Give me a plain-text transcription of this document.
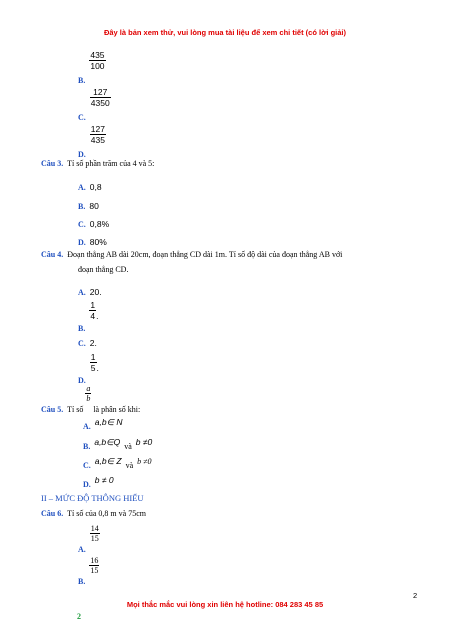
Đây là bản xem thử, vui lòng mua tài liệu để xem chi tiết (có lời giải)
$_{B.}$
$\frac{435}{100}$
$_{C.}$
$\frac{127}{4350}$
$_{D.}$
$\frac{127}{435}$
Câu 3. Tỉ số phần trăm của 4 và 5:
A. 0,8
B. 80
C. 0,8%
D. 80%
Câu 4. Đoạn thẳng AB dài 20cm, đoạn thẳng CD dài 1m. Tỉ số độ dài của đoạn thẳng AB với
đoạn thẳng CD.
A. 20.
$_{B.}$
$\frac{1}{4}$ .
C. 2.
$_{D.}$
$\frac{1}{5}$ .
Câu 5. Tỉ số
$\frac{a}{b}$
là phân số khi:
$_{A.}$ a,b∈ N
$_{B.}$ a,b∈Q $_{và}$ b ≠0
$_{C.}$ a,b∈ Z $_{và}$ b ≠0
$_{D.}$ b ≠ 0
II – MỨC ĐỘ THÔNG HIỂU
Câu 6. Tỉ số của 0,8 m và 75cm
$_{A.}$
$\frac{14}{15}$
$_{B.}$
$\frac{16}{15}$
2
Mọi thắc mắc vui lòng xin liên hệ hotline: 084 283 45 85
2
